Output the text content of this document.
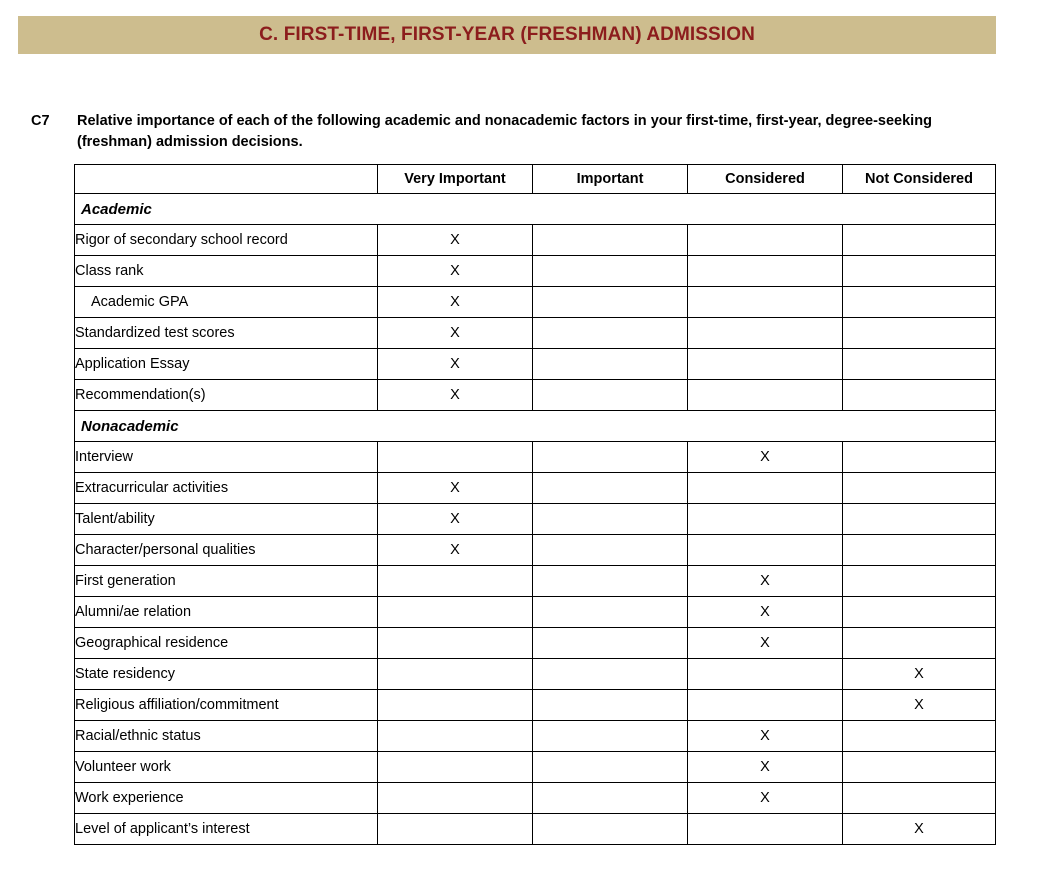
C. FIRST-TIME, FIRST-YEAR (FRESHMAN) ADMISSION
C7	Relative importance of each of the following academic and nonacademic factors in your first-time, first-year, degree-seeking (freshman) admission decisions.
	Very Important	Important	Considered	Not Considered
Academic				
Rigor of secondary school record	X			
Class rank	X			
Academic GPA	X			
Standardized test scores	X			
Application Essay	X			
Recommendation(s)	X			
Nonacademic				
Interview			X	
Extracurricular activities	X			
Talent/ability	X			
Character/personal qualities	X			
First generation			X	
Alumni/ae relation			X	
Geographical residence			X	
State residency				X
Religious affiliation/commitment				X
Racial/ethnic status			X	
Volunteer work			X	
Work experience			X	
Level of applicant’s interest				X
